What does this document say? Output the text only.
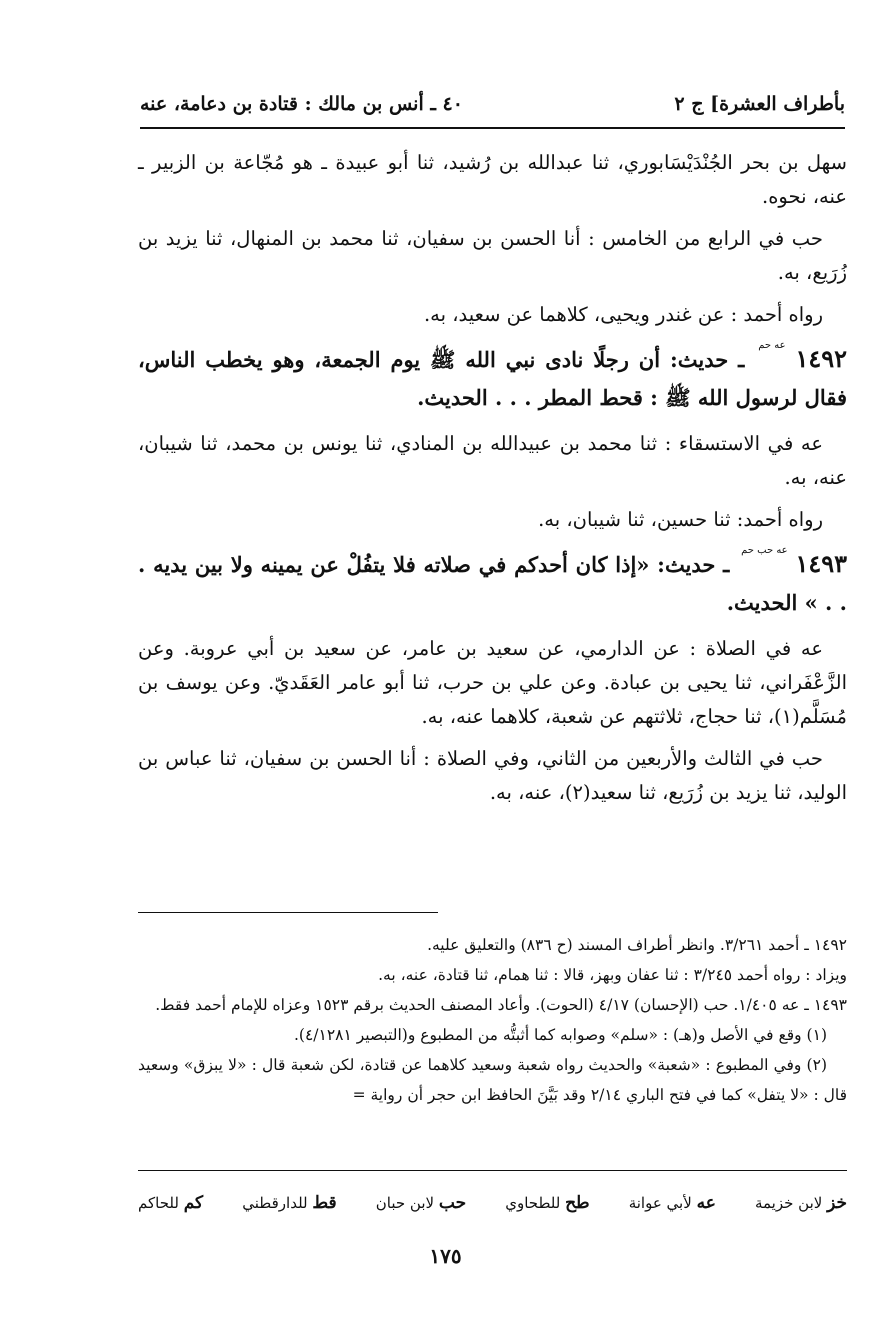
بأطراف العشرة] ج ٢
٤٠ ـ أنس بن مالك : قتادة بن دعامة، عنه

سهل بن بحر الجُنْدَيْسَابوري، ثنا عبدالله بن رُشيد، ثنا أبو عبيدة ـ هو مُجّاعة بن الزبير ـ عنه، نحوه.

حب في الرابع من الخامس : أنا الحسن بن سفيان، ثنا محمد بن المنهال، ثنا يزيد بن زُرَيع، به.

رواه أحمد : عن غندر ويحيى، كلاهما عن سعيد، به.

١٤٩٢ عه حم ـ حديث: أن رجلًا نادى نبي الله ﷺ يوم الجمعة، وهو يخطب الناس، فقال لرسول الله ﷺ : قحط المطر . . . الحديث.

عه في الاستسقاء : ثنا محمد بن عبيدالله بن المنادي، ثنا يونس بن محمد، ثنا شيبان، عنه، به.

رواه أحمد: ثنا حسين، ثنا شيبان، به.

١٤٩٣ عه حب حم ـ حديث: «إذا كان أحدكم في صلاته فلا يتفُلْ عن يمينه ولا بين يديه . . . » الحديث.

عه في الصلاة : عن الدارمي، عن سعيد بن عامر، عن سعيد بن أبي عروبة. وعن الزَّعْفَراني، ثنا يحيى بن عبادة. وعن علي بن حرب، ثنا أبو عامر العَقَديّ. وعن يوسف بن مُسَلَّم(١)، ثنا حجاج، ثلاثتهم عن شعبة، كلاهما عنه، به.

حب في الثالث والأربعين من الثاني، وفي الصلاة : أنا الحسن بن سفيان، ثنا عباس بن الوليد، ثنا يزيد بن زُرَيع، ثنا سعيد(٢)، عنه، به.

١٤٩٢ ـ أحمد ٣/٢٦١. وانظر أطراف المسند (ح ٨٣٦) والتعليق عليه.

ويزاد : رواه أحمد ٣/٢٤٥ : ثنا عفان وبهز، قالا : ثنا همام، ثنا قتادة، عنه، به.

١٤٩٣ ـ عه ١/٤٠٥. حب (الإحسان) ٤/١٧ (الحوت). وأعاد المصنف الحديث برقم ١٥٢٣ وعزاه للإمام أحمد فقط.

(١) وقع في الأصل و(هـ) : «سلم» وصوابه كما أثبتُّه من المطبوع و(التبصير ٤/١٢٨١).

(٢) وفي المطبوع : «شعبة» والحديث رواه شعبة وسعيد كلاهما عن قتادة، لكن شعبة قال : «لا يبزق» وسعيد قال : «لا يتفل» كما في فتح الباري ٢/١٤ وقد بَيَّنَ الحافظ ابن حجر أن رواية =

خز لابن خزيمة
عه لأبي عوانة
طح للطحاوي
حب لابن حبان
قط للدارقطني
كم للحاكم
١٧٥
